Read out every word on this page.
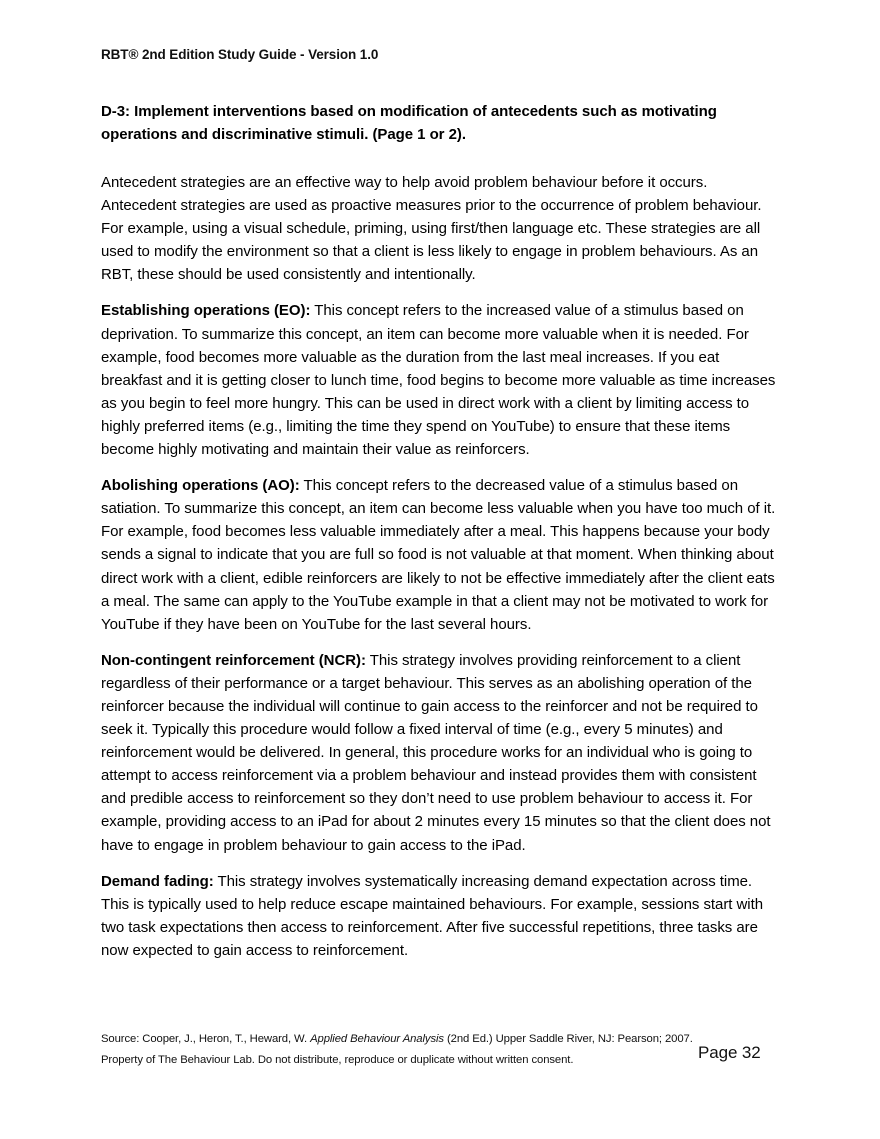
RBT® 2nd Edition Study Guide - Version 1.0
D-3: Implement interventions based on modification of antecedents such as motivating
operations and discriminative stimuli. (Page 1 or 2).

Antecedent strategies are an effective way to help avoid problem behaviour before it occurs. Antecedent strategies are used as proactive measures prior to the occurrence of problem behaviour. For example, using a visual schedule, priming, using first/then language etc. These strategies are all used to modify the environment so that a client is less likely to engage in problem behaviours. As an RBT, these should be used consistently and intentionally.

Establishing operations (EO): This concept refers to the increased value of a stimulus based on deprivation. To summarize this concept, an item can become more valuable when it is needed. For example, food becomes more valuable as the duration from the last meal increases. If you eat breakfast and it is getting closer to lunch time, food begins to become more valuable as time increases as you begin to feel more hungry. This can be used in direct work with a client by limiting access to highly preferred items (e.g., limiting the time they spend on YouTube) to ensure that these items become highly motivating and maintain their value as reinforcers.

Abolishing operations (AO): This concept refers to the decreased value of a stimulus based on satiation. To summarize this concept, an item can become less valuable when you have too much of it. For example, food becomes less valuable immediately after a meal. This happens because your body sends a signal to indicate that you are full so food is not valuable at that moment. When thinking about direct work with a client, edible reinforcers are likely to not be effective immediately after the client eats a meal. The same can apply to the YouTube example in that a client may not be motivated to work for YouTube if they have been on YouTube for the last several hours.

Non-contingent reinforcement (NCR): This strategy involves providing reinforcement to a client regardless of their performance or a target behaviour. This serves as an abolishing operation of the reinforcer because the individual will continue to gain access to the reinforcer and not be required to seek it. Typically this procedure would follow a fixed interval of time (e.g., every 5 minutes) and reinforcement would be delivered. In general, this procedure works for an individual who is going to attempt to access reinforcement via a problem behaviour and instead provides them with consistent and predible access to reinforcement so they don’t need to use problem behaviour to access it. For example, providing access to an iPad for about 2 minutes every 15 minutes so that the client does not have to engage in problem behaviour to gain access to the iPad.

Demand fading: This strategy involves systematically increasing demand expectation across time. This is typically used to help reduce escape maintained behaviours. For example, sessions start with two task expectations then access to reinforcement. After five successful repetitions, three tasks are now expected to gain access to reinforcement.

Source: Cooper, J., Heron, T., Heward, W. Applied Behaviour Analysis (2nd Ed.) Upper Saddle River, NJ: Pearson; 2007.
Property of The Behaviour Lab. Do not distribute, reproduce or duplicate without written consent.	Page 32
